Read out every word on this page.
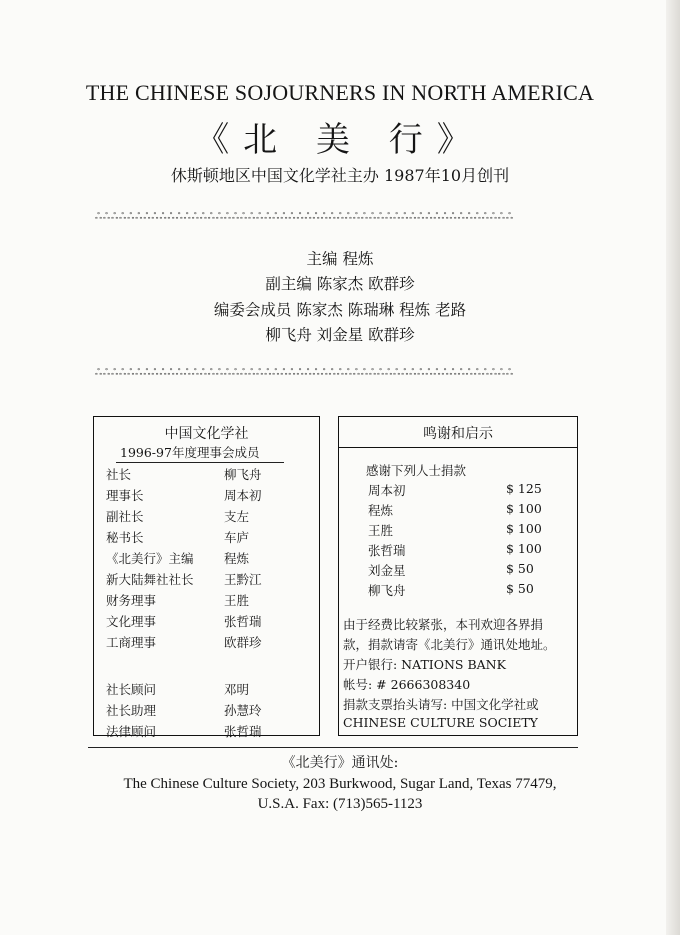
THE CHINESE SOJOURNERS IN NORTH AMERICA
《北 美 行》
休斯顿地区中国文化学社主办 1987年10月创刊
ஃஃஃஃஃஃஃஃஃஃஃஃஃஃஃஃஃஃஃஃஃஃஃஃஃஃஃஃஃஃஃஃஃஃஃஃஃஃஃஃஃஃஃஃஃஃஃஃஃஃஃஃ
主编 程炼
副主编 陈家杰 欧群珍
编委会成员 陈家杰 陈瑞琳 程炼 老路
柳飞舟 刘金星 欧群珍
ஃஃஃஃஃஃஃஃஃஃஃஃஃஃஃஃஃஃஃஃஃஃஃஃஃஃஃஃஃஃஃஃஃஃஃஃஃஃஃஃஃஃஃஃஃஃஃஃஃஃஃஃ
中国文化学社
1996-97年度理事会成员
社长	柳飞舟
理事长	周本初
副社长	支左
秘书长	车庐
《北美行》主编 程炼
新大陆舞社社长 王黔江
财务理事	王胜
文化理事	张哲瑞
工商理事	欧群珍
社长顾问	邓明
社长助理	孙慧玲
法律顾问	张哲瑞
鸣谢和启示
感谢下列人士捐款
周本初	$ 125
程炼	$ 100
王胜	$ 100
张哲瑞	$ 100
刘金星	$ 50
柳飞舟	$ 50
由于经费比较紧张，本刊欢迎各界捐
款，捐款请寄《北美行》通讯处地址。
开户银行: NATIONS BANK
帐号: # 2666308340
捐款支票抬头请写: 中国文化学社或
CHINESE CULTURE SOCIETY
《北美行》通讯处:
The Chinese Culture Society, 203 Burkwood, Sugar Land, Texas 77479,
U.S.A. Fax: (713)565-1123
